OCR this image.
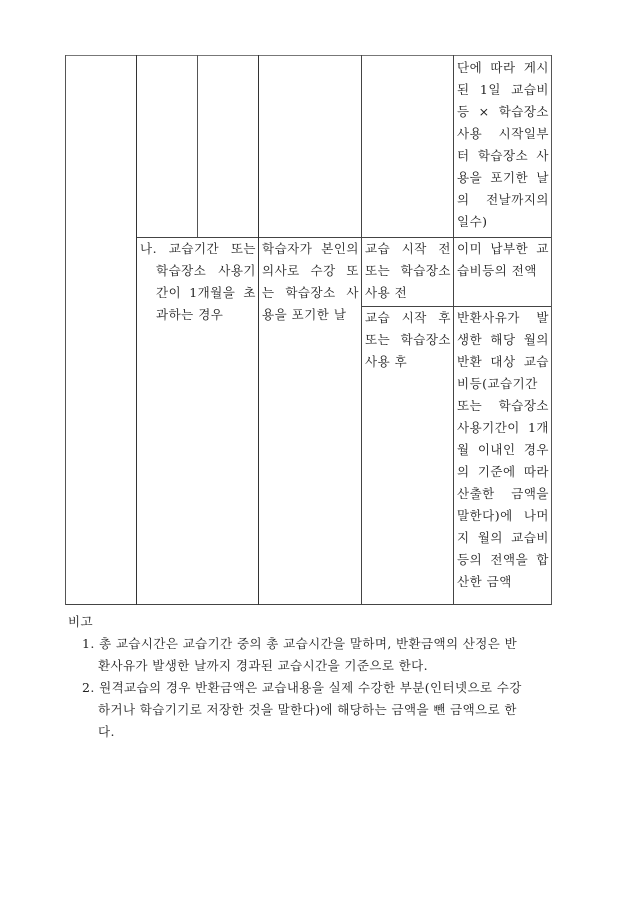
단에 따라 게시
된 1일 교습비
등 × 학습장소
사용 시작일부
터 학습장소 사
용을 포기한 날
의 전날까지의
일수)
나. 교습기간 또는
학습장소 사용기
간이 1개월을 초
과하는 경우
학습자가 본인의
의사로 수강 또
는 학습장소 사
용을 포기한 날
교습 시작 전
또는 학습장소
사용 전
이미 납부한 교
습비등의 전액
교습 시작 후
또는 학습장소
사용 후
반환사유가 발
생한 해당 월의
반환 대상 교습
비등(교습기간
또는 학습장소
사용기간이 1개
월 이내인 경우
의 기준에 따라
산출한 금액을
말한다)에 나머
지 월의 교습비
등의 전액을 합
산한 금액
비고
1. 총 교습시간은 교습기간 중의 총 교습시간을 말하며, 반환금액의 산정은 반
환사유가 발생한 날까지 경과된 교습시간을 기준으로 한다.
2. 원격교습의 경우 반환금액은 교습내용을 실제 수강한 부분(인터넷으로 수강
하거나 학습기기로 저장한 것을 말한다)에 해당하는 금액을 뺀 금액으로 한
다.
